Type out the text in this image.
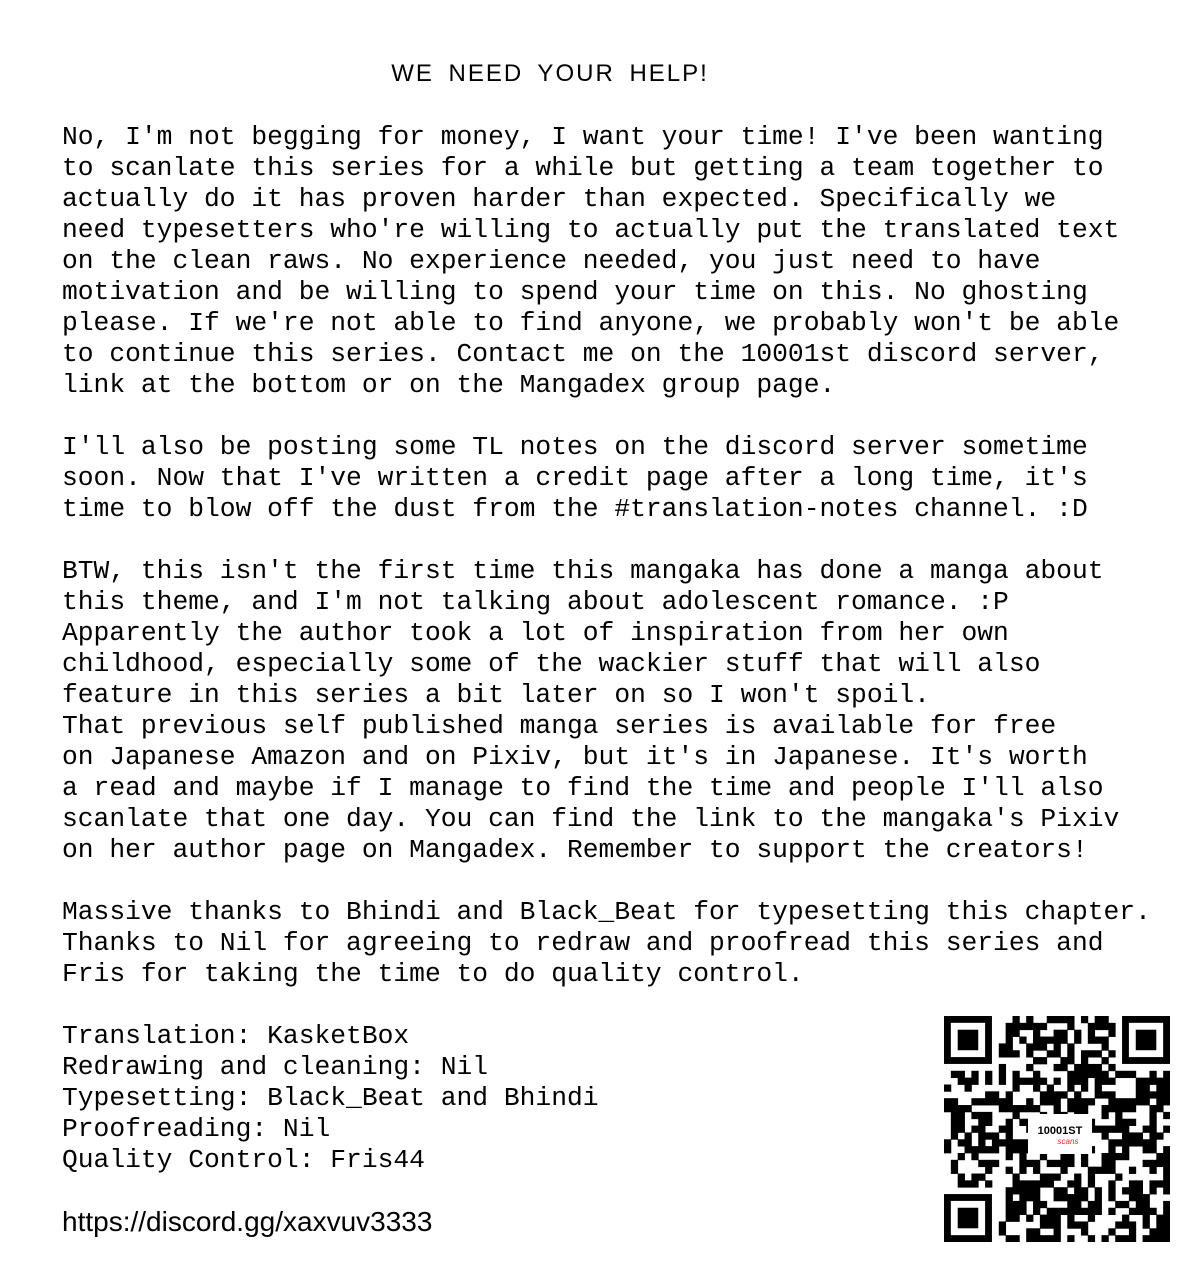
WE NEED YOUR HELP!
No, I'm not begging for money, I want your time! I've been wanting
to scanlate this series for a while but getting a team together to
actually do it has proven harder than expected. Specifically we
need typesetters who're willing to actually put the translated text
on the clean raws. No experience needed, you just need to have
motivation and be willing to spend your time on this. No ghosting
please. If we're not able to find anyone, we probably won't be able
to continue this series. Contact me on the 10001st discord server,
link at the bottom or on the Mangadex group page.
I'll also be posting some TL notes on the discord server sometime
soon. Now that I've written a credit page after a long time, it's
time to blow off the dust from the #translation-notes channel. :D
BTW, this isn't the first time this mangaka has done a manga about
this theme, and I'm not talking about adolescent romance. :P
Apparently the author took a lot of inspiration from her own
childhood, especially some of the wackier stuff that will also
feature in this series a bit later on so I won't spoil.
That previous self published manga series is available for free
on Japanese Amazon and on Pixiv, but it's in Japanese. It's worth
a read and maybe if I manage to find the time and people I'll also
scanlate that one day. You can find the link to the mangaka's Pixiv
on her author page on Mangadex. Remember to support the creators!
Massive thanks to Bhindi and Black_Beat for typesetting this chapter.
Thanks to Nil for agreeing to redraw and proofread this series and
Fris for taking the time to do quality control.
Translation: KasketBox
Redrawing and cleaning: Nil
Typesetting: Black_Beat and Bhindi
Proofreading: Nil
Quality Control: Fris44
https://discord.gg/xaxvuv3333
10001ST
scans
